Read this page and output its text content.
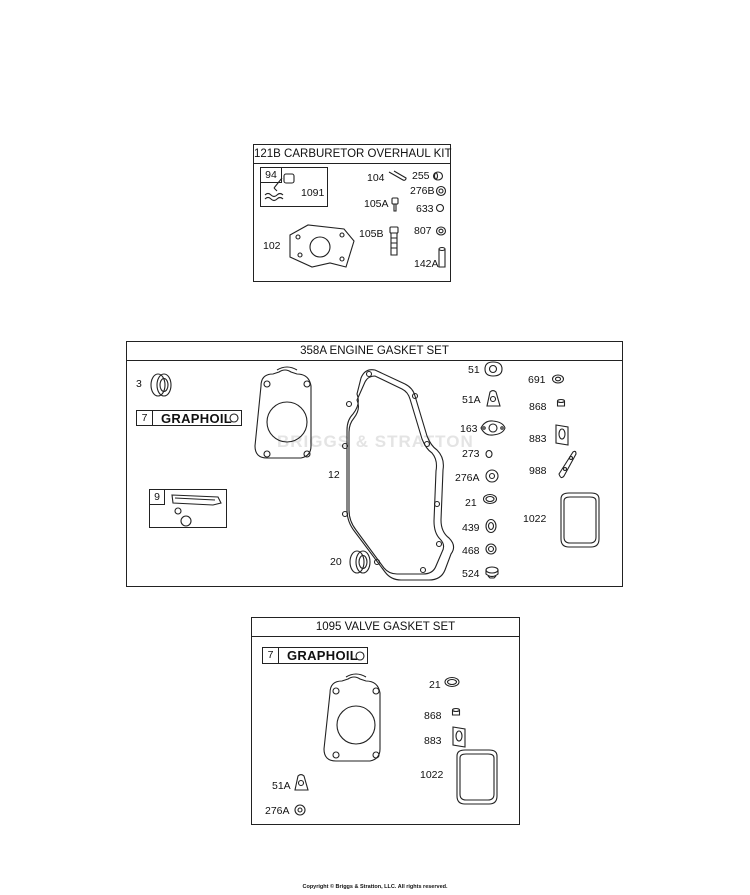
121B CARBURETOR OVERHAUL KIT
94
1091
104	255
276B
105A	633
102
105B	807
142A
358A ENGINE GASKET SET
BRIGGS & STRATTON
3
7	GRAPHOIL
9
12
20
51
51A
163
273
276A
21
439
468
524
691
868
883
988
1022
1095 VALVE GASKET SET
7	GRAPHOIL
21
868
883
1022
51A
276A
Copyright © Briggs & Stratton, LLC. All rights reserved.
